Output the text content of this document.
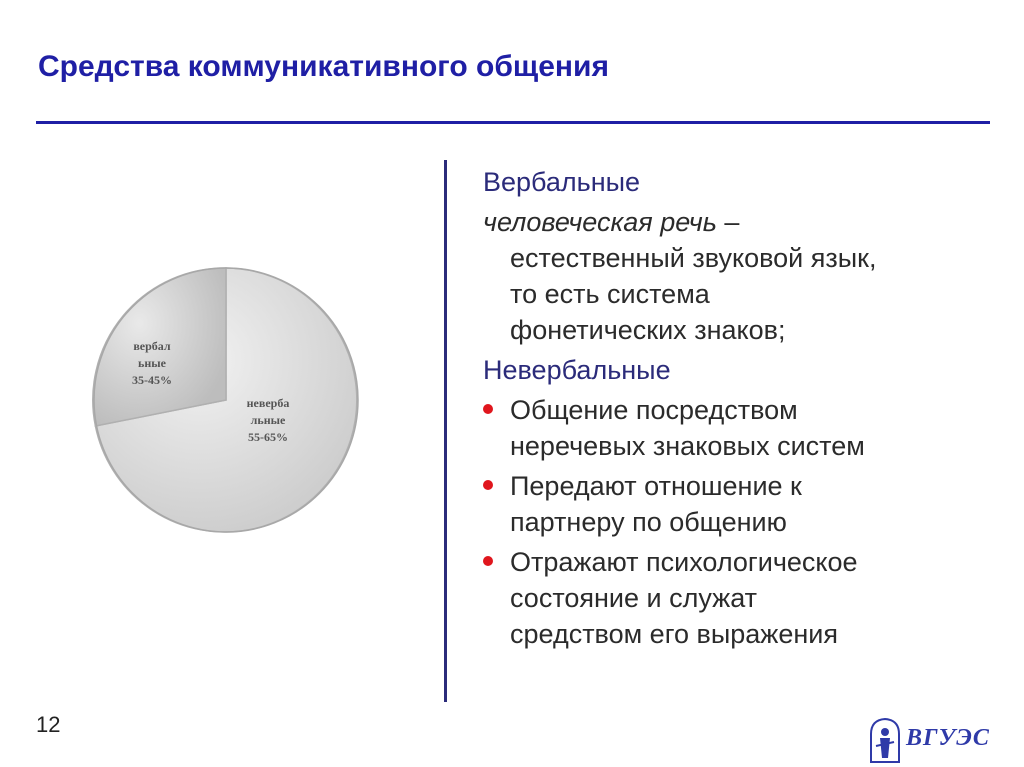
Средства коммуникативного общения
вербал
ьные
35-45%
неверба
льные
55-65%
Вербальные
человеческая речь –
естественный звуковой язык,
то есть система
фонетических знаков;
Невербальные
Общение посредством
неречевых знаковых систем
Передают отношение к
партнеру по общению
Отражают психологическое
состояние и служат
средством его выражения
12
ВГУЭС
